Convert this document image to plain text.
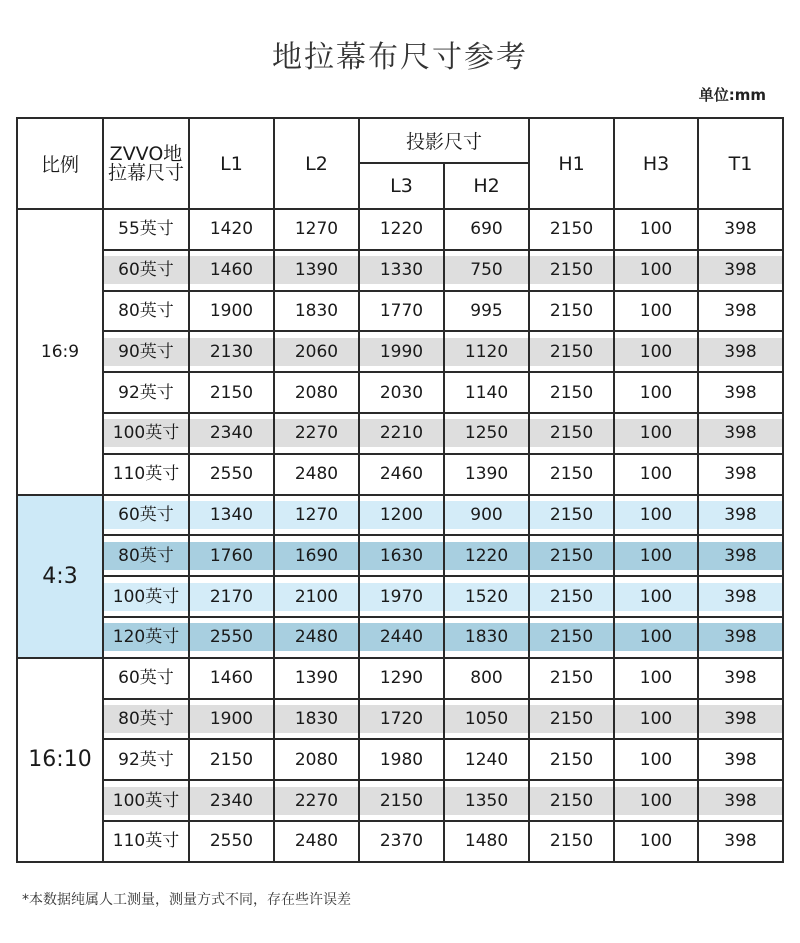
地拉幕布尺寸参考
单位:mm
比例	ZVVO地拉幕尺寸	L1	L2	投影尺寸		H1	H3	T1
				L3	H2			
16:9	55英寸	1420	1270	1220	690	2150	100	398

	60英寸	1460	1390	1330	750	2150	100	398

	80英寸	1900	1830	1770	995	2150	100	398

	90英寸	2130	2060	1990	1120	2150	100	398

	92英寸	2150	2080	2030	1140	2150	100	398

	100英寸	2340	2270	2210	1250	2150	100	398

	110英寸	2550	2480	2460	1390	2150	100	398

4:3	60英寸	1340	1270	1200	900	2150	100	398

	80英寸	1760	1690	1630	1220	2150	100	398

	100英寸	2170	2100	1970	1520	2150	100	398

	120英寸	2550	2480	2440	1830	2150	100	398

16:10	60英寸	1460	1390	1290	800	2150	100	398

	80英寸	1900	1830	1720	1050	2150	100	398

	92英寸	2150	2080	1980	1240	2150	100	398

	100英寸	2340	2270	2150	1350	2150	100	398

	110英寸	2550	2480	2370	1480	2150	100	398
*本数据纯属人工测量，测量方式不同，存在些许误差
